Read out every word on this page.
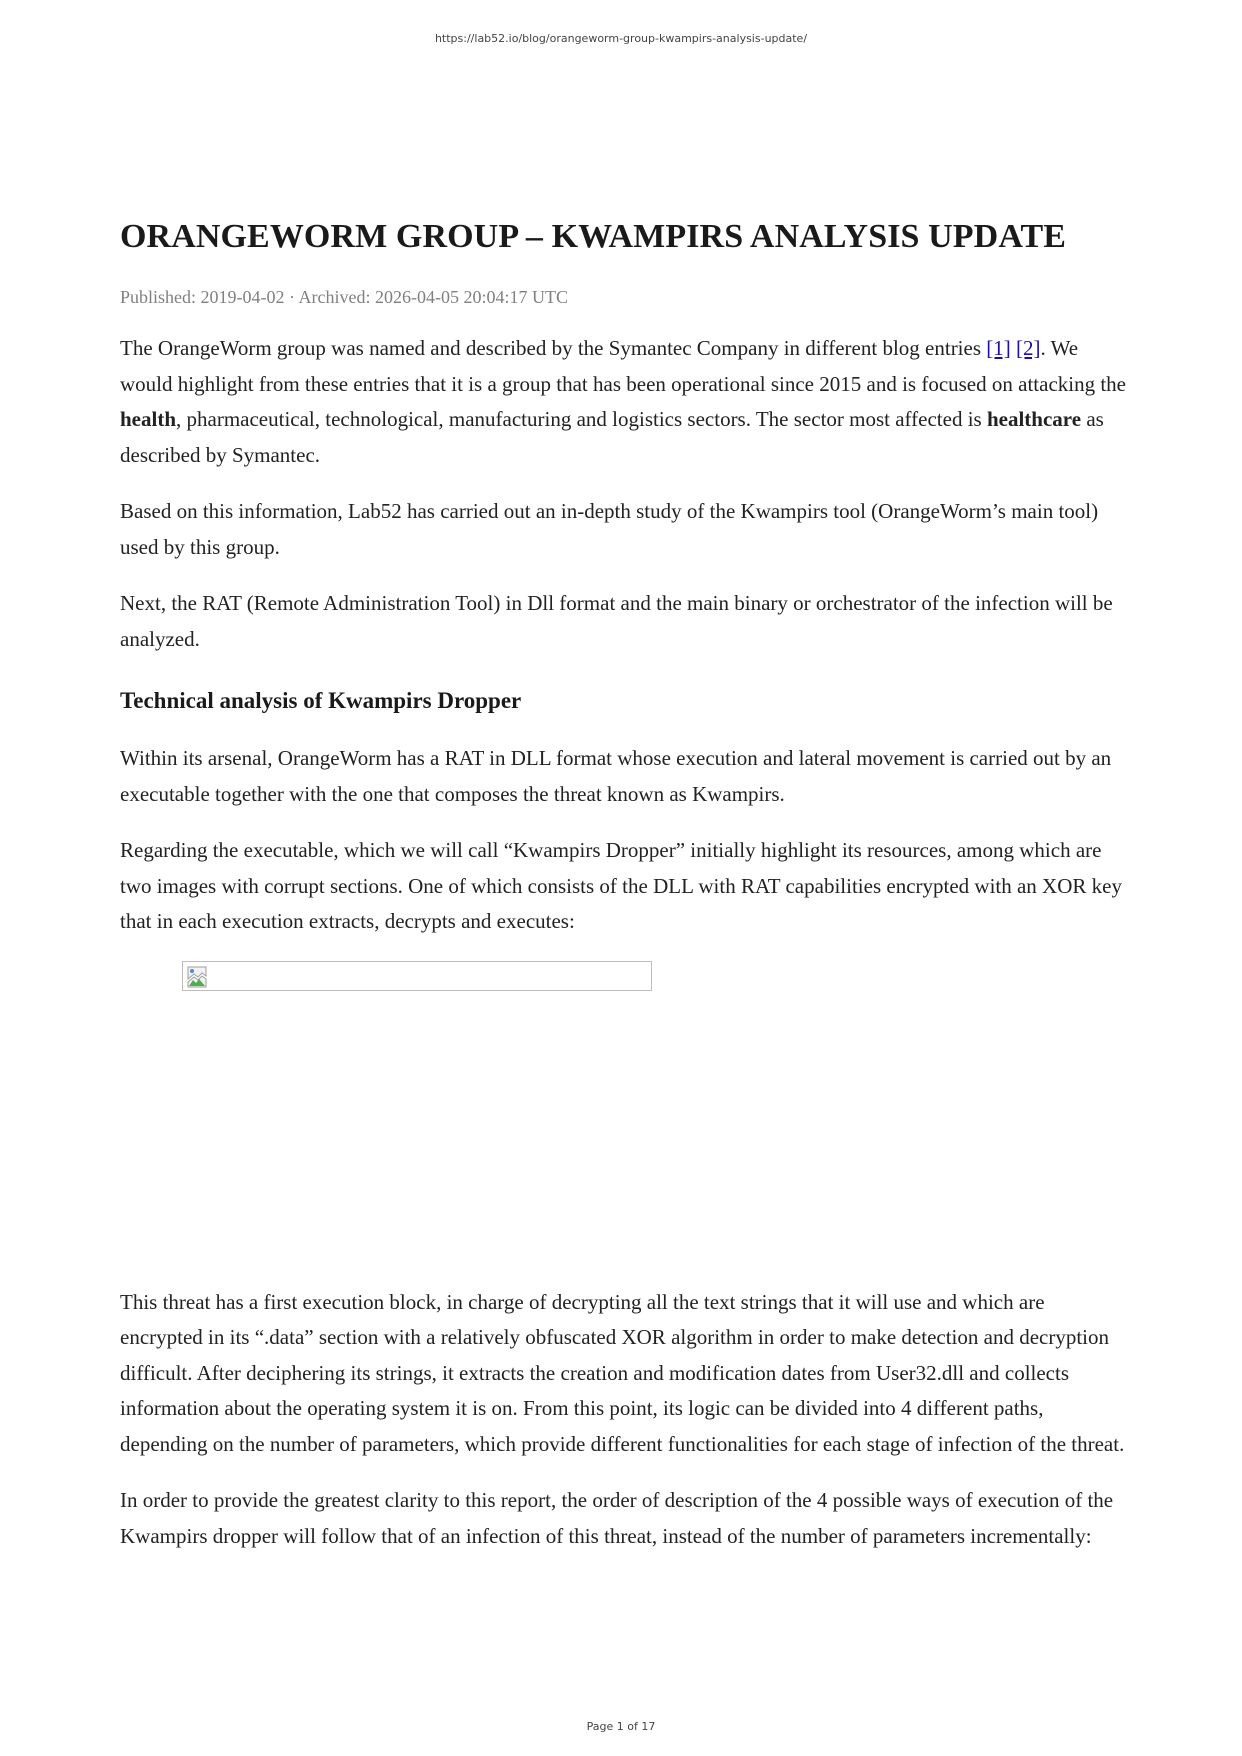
https://lab52.io/blog/orangeworm-group-kwampirs-analysis-update/
ORANGEWORM GROUP – KWAMPIRS ANALYSIS UPDATE
Published: 2019-04-02 · Archived: 2026-04-05 20:04:17 UTC

The OrangeWorm group was named and described by the Symantec Company in different blog entries [1] [2]. We would highlight from these entries that it is a group that has been operational since 2015 and is focused on attacking the health, pharmaceutical, technological, manufacturing and logistics sectors. The sector most affected is healthcare as described by Symantec.

Based on this information, Lab52 has carried out an in-depth study of the Kwampirs tool (OrangeWorm’s main tool) used by this group.

Next, the RAT (Remote Administration Tool) in Dll format and the main binary or orchestrator of the infection will be analyzed.

Technical analysis of Kwampirs Dropper

Within its arsenal, OrangeWorm has a RAT in DLL format whose execution and lateral movement is carried out by an executable together with the one that composes the threat known as Kwampirs.

Regarding the executable, which we will call “Kwampirs Dropper” initially highlight its resources, among which are two images with corrupt sections. One of which consists of the DLL with RAT capabilities encrypted with an XOR key that in each execution extracts, decrypts and executes:

This threat has a first execution block, in charge of decrypting all the text strings that it will use and which are encrypted in its “.data” section with a relatively obfuscated XOR algorithm in order to make detection and decryption difficult. After deciphering its strings, it extracts the creation and modification dates from User32.dll and collects information about the operating system it is on. From this point, its logic can be divided into 4 different paths, depending on the number of parameters, which provide different functionalities for each stage of infection of the threat.

In order to provide the greatest clarity to this report, the order of description of the 4 possible ways of execution of the Kwampirs dropper will follow that of an infection of this threat, instead of the number of parameters incrementally:

Page 1 of 17
